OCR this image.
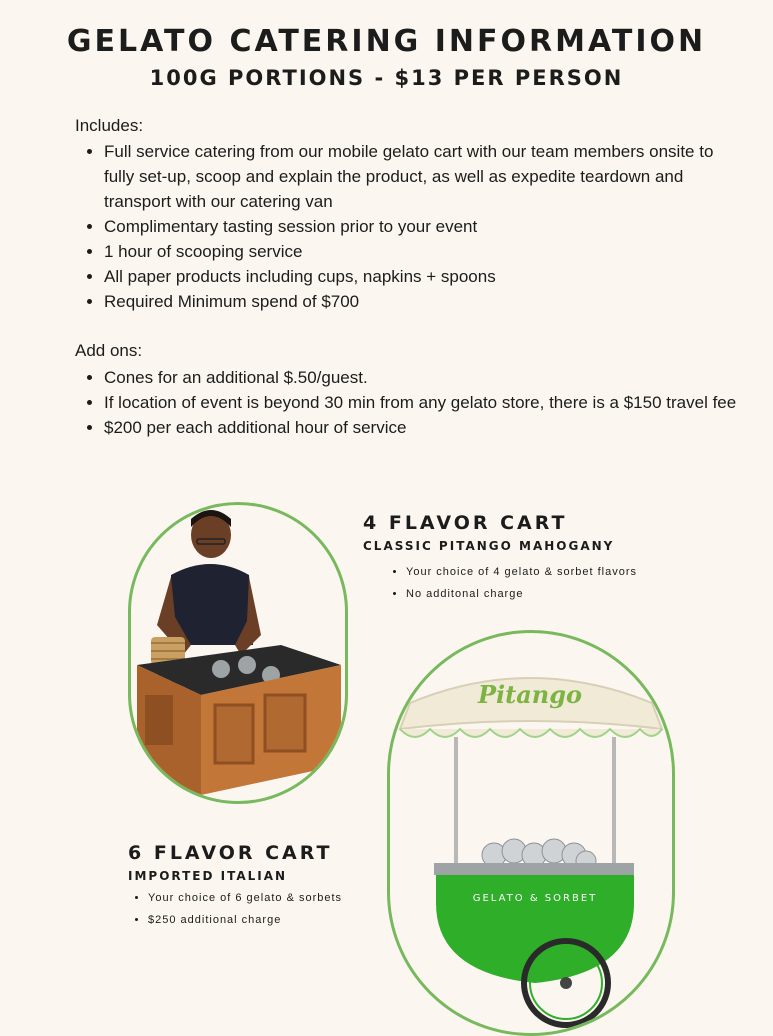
GELATO CATERING INFORMATION
100G PORTIONS - $13 PER PERSON
Includes:
• Full service catering from our mobile gelato cart with our team members onsite to fully set-up, scoop and explain the product, as well as expedite teardown and transport with our catering van
• Complimentary tasting session prior to your event
• 1 hour of scooping service
• All paper products including cups, napkins + spoons
• Required Minimum spend of $700
Add ons:
• Cones for an additional $.50/guest.
• If location of event is beyond 30 min from any gelato store, there is a $150 travel fee
• $200 per each additional hour of service
4 FLAVOR CART
CLASSIC PITANGO MAHOGANY
• Your choice of 4 gelato & sorbet flavors
• No additonal charge
Pitango
GELATO & SORBET
6 FLAVOR CART
IMPORTED ITALIAN
• Your choice of 6 gelato & sorbets
• $250 additional charge
